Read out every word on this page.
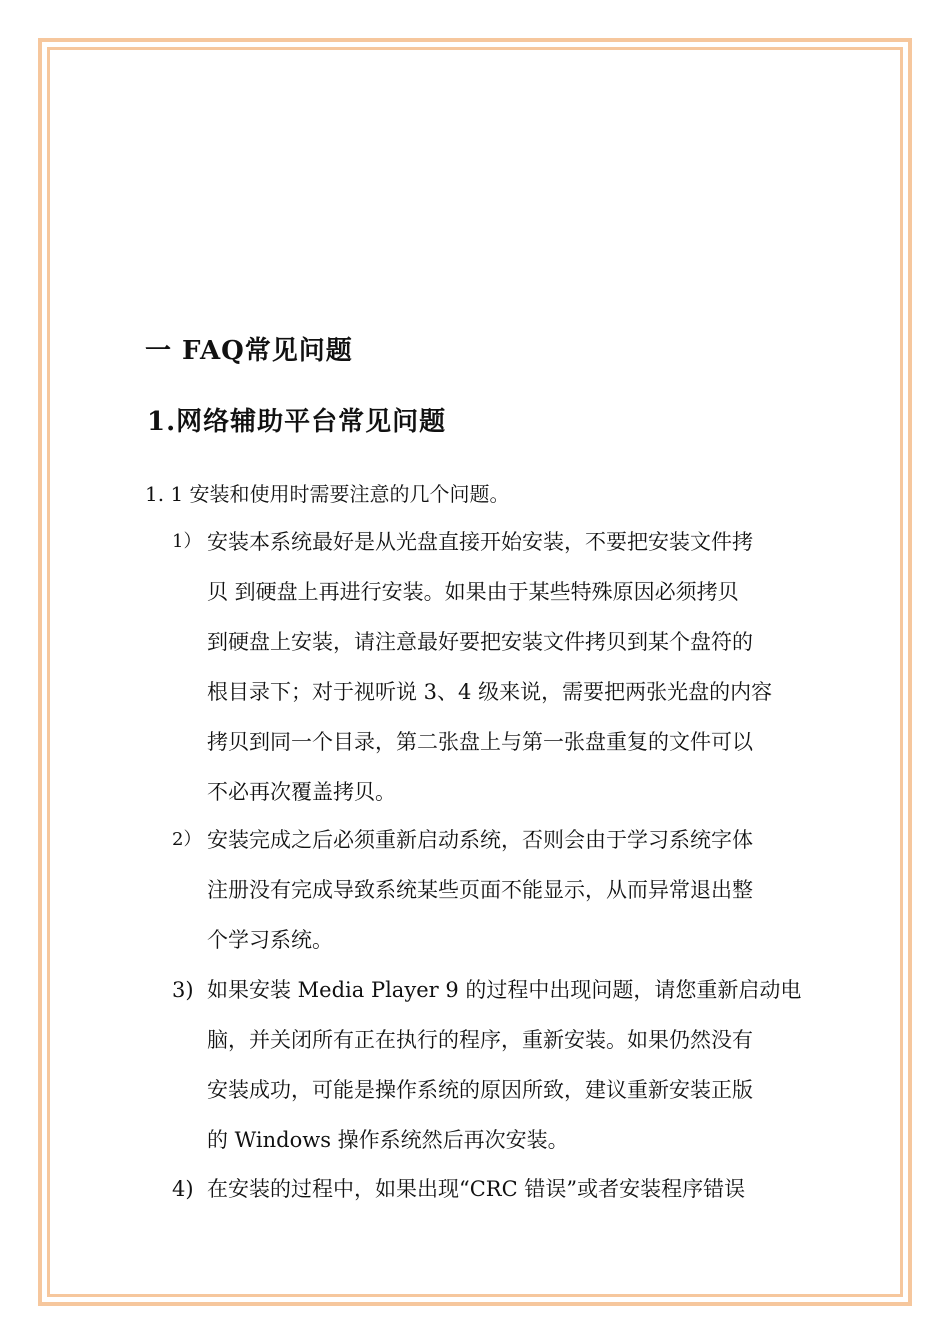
一 FAQ常见问题
1.网络辅助平台常见问题
1. 1 安装和使用时需要注意的几个问题。
1） 安装本系统最好是从光盘直接开始安装，不要把安装文件拷
贝 到硬盘上再进行安装。如果由于某些特殊原因必须拷贝
到硬盘上安装，请注意最好要把安装文件拷贝到某个盘符的
根目录下；对于视听说 3、4 级来说，需要把两张光盘的内容
拷贝到同一个目录，第二张盘上与第一张盘重复的文件可以
不必再次覆盖拷贝。
2） 安装完成之后必须重新启动系统，否则会由于学习系统字体
注册没有完成导致系统某些页面不能显示，从而异常退出整
个学习系统。
3) 如果安装 Media Player 9 的过程中出现问题，请您重新启动电
脑，并关闭所有正在执行的程序，重新安装。如果仍然没有
安装成功，可能是操作系统的原因所致，建议重新安装正版
的 Windows 操作系统然后再次安装。
4) 在安装的过程中，如果出现“CRC 错误”或者安装程序错误
